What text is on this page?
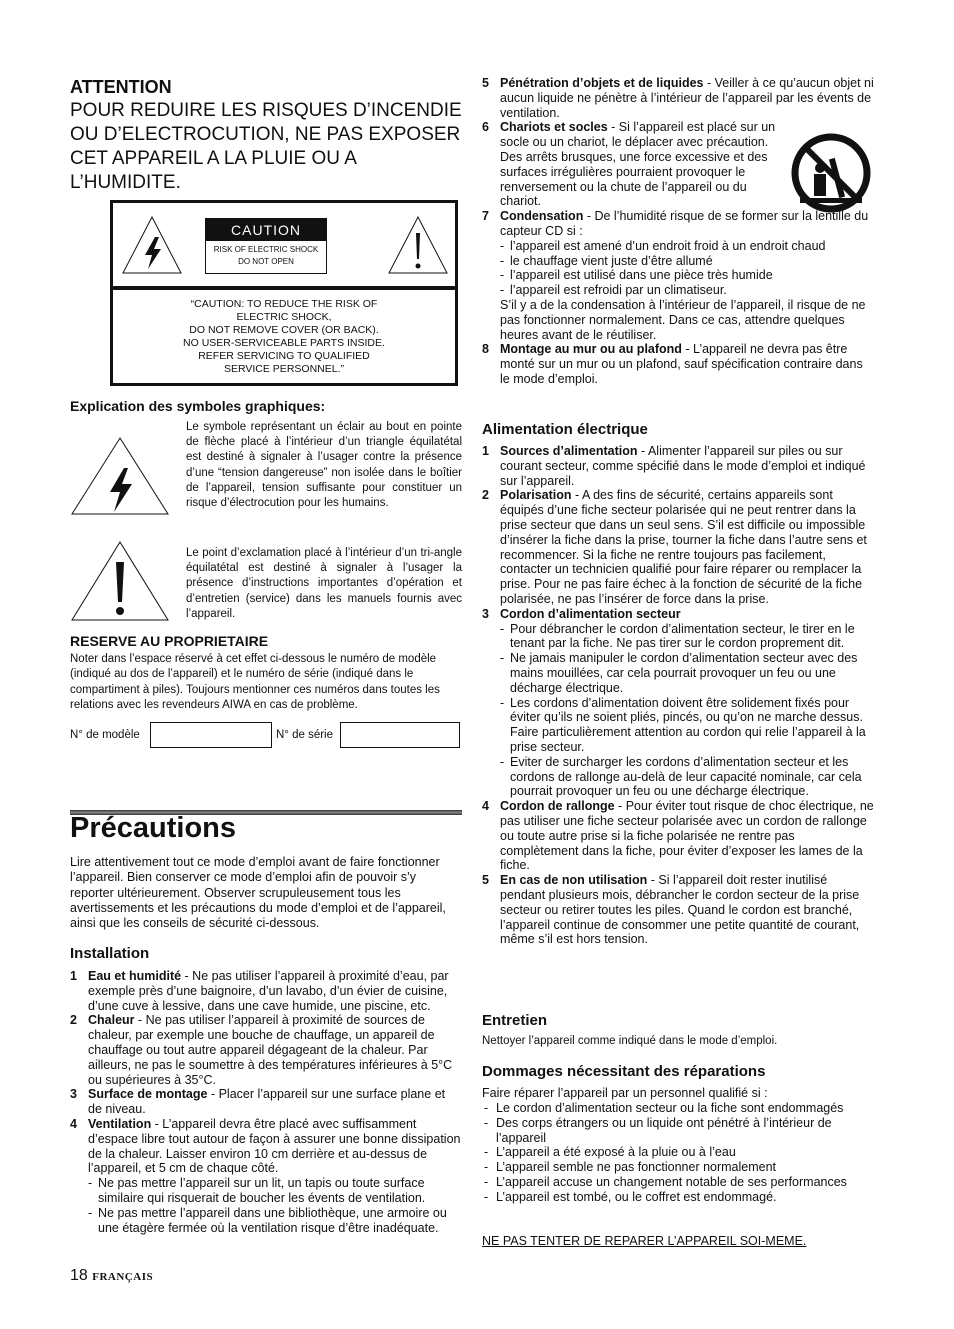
ATTENTION
POUR REDUIRE LES RISQUES D’INCENDIE OU D’ELECTROCUTION, NE PAS EXPOSER CET APPAREIL A LA PLUIE OU A L’HUMIDITE.
CAUTION
RISK OF ELECTRIC SHOCK
DO NOT OPEN
“CAUTION: TO REDUCE THE RISK OF
ELECTRIC SHOCK,
DO NOT REMOVE COVER (OR BACK).
NO USER-SERVICEABLE PARTS INSIDE.
REFER SERVICING TO QUALIFIED
SERVICE PERSONNEL.”
Explication des symboles graphiques:
Le symbole représentant un éclair au bout en pointe de flèche placé à l’intérieur d’un triangle équilatétal est destiné à signaler à l’usager contre la présence d’une “tension dangereuse” non isolée dans le boîtier de l’appareil, tension suffisante pour constituer un risque d’électrocution pour les humains.
Le point d’exclamation placé à l’intérieur d’un tri-angle équilatétal est destiné à signaler à l’usager la présence d’instructions importantes d’opération et d’entretien (service) dans les manuels fournis avec l’appareil.
RESERVE AU PROPRIETAIRE
Noter dans l’espace réservé à cet effet ci-dessous le numéro de modèle (indiqué au dos de l’appareil) et le numéro de série (indiqué dans le compartiment à piles). Toujours mentionner ces numéros dans toutes les relations avec les revendeurs AIWA en cas de problème.
N° de modèle	N° de série
Précautions
Lire attentivement tout ce mode d’emploi avant de faire fonctionner l’appareil. Bien conserver ce mode d’emploi afin de pouvoir s’y reporter ultérieurement. Observer scrupuleusement tous les avertissements et les précautions du mode d’emploi et de l’appareil, ainsi que les conseils de sécurité ci-dessous.
Installation
1 Eau et humidité - Ne pas utiliser l’appareil à proximité d’eau, par exemple près d’une baignoire, d’un lavabo, d’un évier de cuisine, d’une cuve à lessive, dans une cave humide, une piscine, etc.
2 Chaleur - Ne pas utiliser l’appareil à proximité de sources de chaleur, par exemple une bouche de chauffage, un appareil de chauffage ou tout autre appareil dégageant de la chaleur. Par ailleurs, ne pas le soumettre à des températures inférieures à 5°C ou supérieures à 35°C.
3 Surface de montage - Placer l’appareil sur une surface plane et de niveau.
4 Ventilation - L’appareil devra être placé avec suffisamment d’espace libre tout autour de façon à assurer une bonne dissipation de la chaleur. Laisser environ 10 cm derrière et au-dessus de l’appareil, et 5 cm de chaque côté.
- Ne pas mettre l’appareil sur un lit, un tapis ou toute surface similaire qui risquerait de boucher les évents de ventilation.
- Ne pas mettre l’appareil dans une bibliothèque, une armoire ou une étagère fermée où la ventilation risque d’être inadéquate.
5 Pénétration d’objets et de liquides - Veiller à ce qu’aucun objet ni aucun liquide ne pénètre à l’intérieur de l’appareil par les évents de ventilation.
6 Chariots et socles - Si l’appareil est placé sur un socle ou un chariot, le déplacer avec précaution. Des arrêts brusques, une force excessive et des surfaces irrégulières pourraient provoquer le renversement ou la chute de l’appareil ou du chariot.
7 Condensation - De l’humidité risque de se former sur la lentille du capteur CD si :
- l’appareil est amené d’un endroit froid à un endroit chaud
- le chauffage vient juste d’être allumé
- l’appareil est utilisé dans une pièce très humide
- l’appareil est refroidi par un climatiseur.
S’il y a de la condensation à l’intérieur de l’appareil, il risque de ne pas fonctionner normalement. Dans ce cas, attendre quelques heures avant de le réutiliser.
8 Montage au mur ou au plafond - L’appareil ne devra pas être monté sur un mur ou un plafond, sauf spécification contraire dans le mode d’emploi.
Alimentation électrique
1 Sources d’alimentation - Alimenter l’appareil sur piles ou sur courant secteur, comme spécifié dans le mode d’emploi et indiqué sur l’appareil.
2 Polarisation - A des fins de sécurité, certains appareils sont équipés d’une fiche secteur polarisée qui ne peut rentrer dans la prise secteur que dans un seul sens. S’il est difficile ou impossible d’insérer la fiche dans la prise, tourner la fiche dans l’autre sens et recommencer. Si la fiche ne rentre toujours pas facilement, contacter un technicien qualifié pour faire réparer ou remplacer la prise. Pour ne pas faire échec à la fonction de sécurité de la fiche polarisée, ne pas l’insérer de force dans la prise.
3 Cordon d’alimentation secteur
- Pour débrancher le cordon d’alimentation secteur, le tirer en le tenant par la fiche. Ne pas tirer sur le cordon proprement dit.
- Ne jamais manipuler le cordon d’alimentation secteur avec des mains mouillées, car cela pourrait provoquer un feu ou une décharge électrique.
- Les cordons d’alimentation doivent être solidement fixés pour éviter qu’ils ne soient pliés, pincés, ou qu’on ne marche dessus. Faire particulièrement attention au cordon qui relie l’appareil à la prise secteur.
- Eviter de surcharger les cordons d’alimentation secteur et les cordons de rallonge au-delà de leur capacité nominale, car cela pourrait provoquer un feu ou une décharge électrique.
4 Cordon de rallonge - Pour éviter tout risque de choc électrique, ne pas utiliser une fiche secteur polarisée avec un cordon de rallonge ou toute autre prise si la fiche polarisée ne rentre pas complètement dans la fiche, pour éviter d’exposer les lames de la fiche.
5 En cas de non utilisation - Si l’appareil doit rester inutilisé pendant plusieurs mois, débrancher le cordon secteur de la prise secteur ou retirer toutes les piles. Quand le cordon est branché, l’appareil continue de consommer une petite quantité de courant, même s’il est hors tension.
Entretien
Nettoyer l’appareil comme indiqué dans le mode d’emploi.
Dommages nécessitant des réparations
Faire réparer l’appareil par un personnel qualifié si :
- Le cordon d’alimentation secteur ou la fiche sont endommagés
- Des corps étrangers ou un liquide ont pénétré à l’intérieur de l’appareil
- L’appareil a été exposé à la pluie ou à l’eau
- L’appareil semble ne pas fonctionner normalement
- L’appareil accuse un changement notable de ses performances
- L’appareil est tombé, ou le coffret est endommagé.
NE PAS TENTER DE REPARER L’APPAREIL SOI-MEME.
18 FRANÇAIS
